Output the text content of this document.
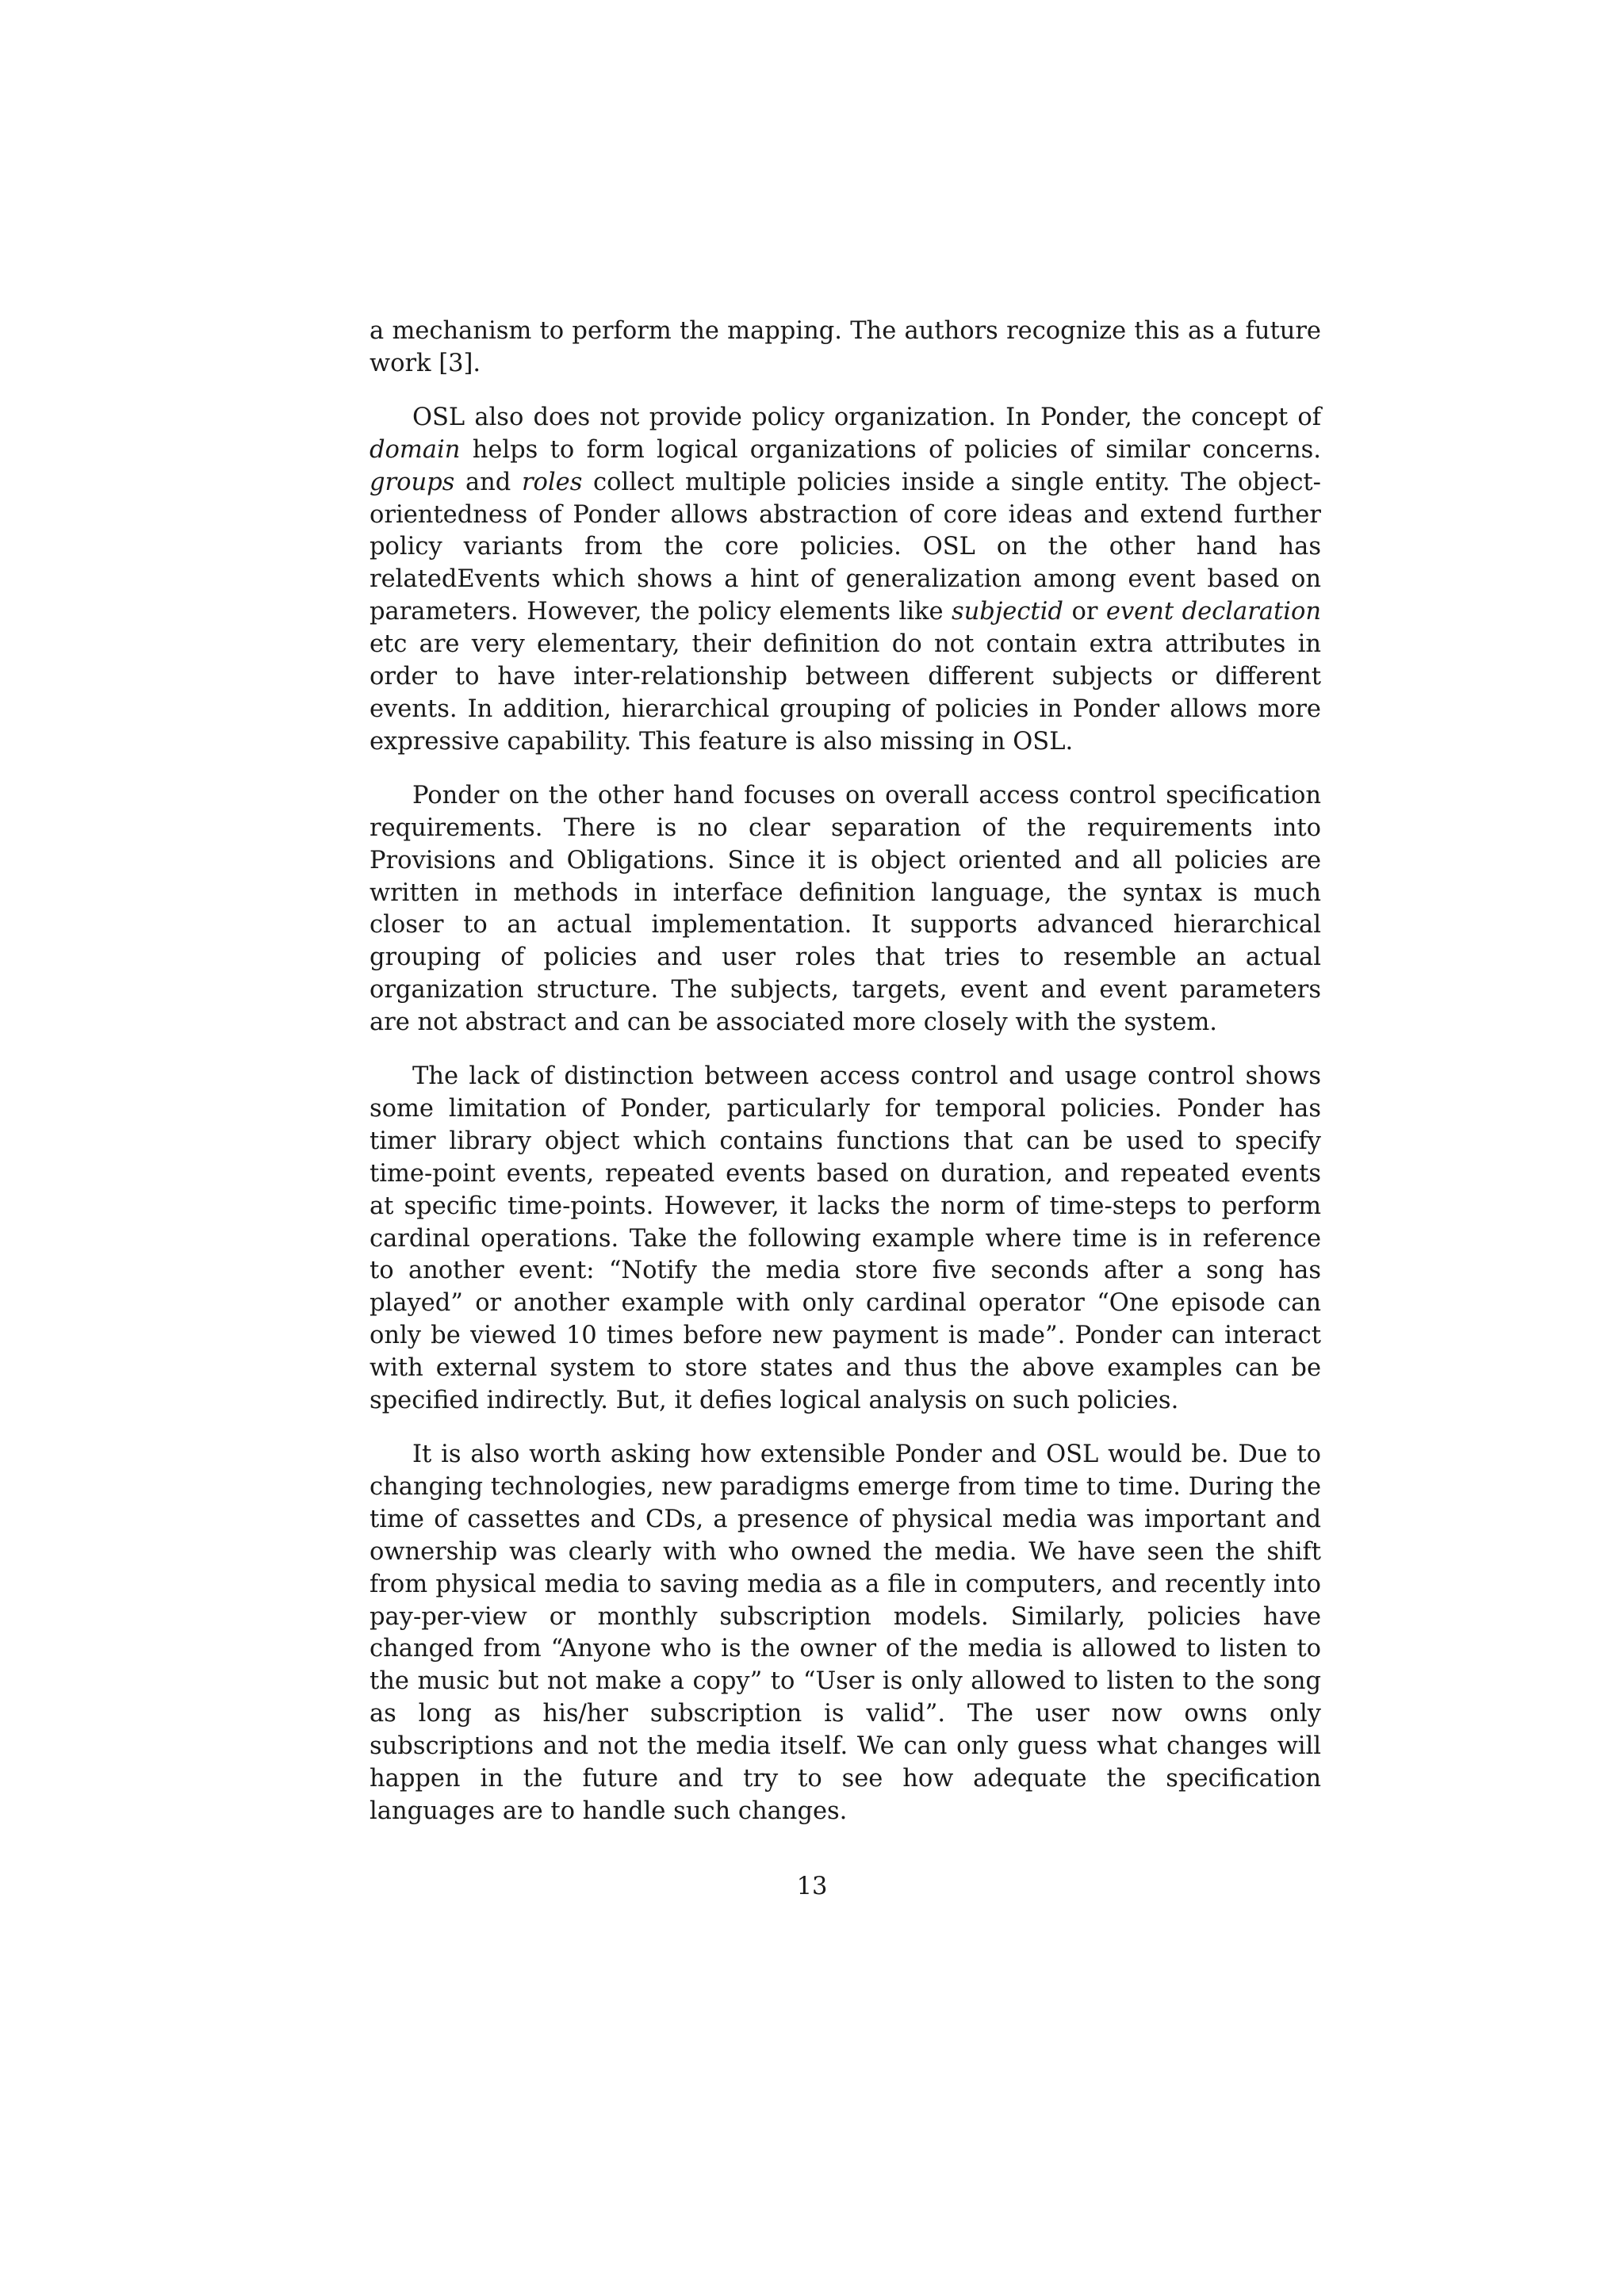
a mechanism to perform the mapping. The authors recognize this as a future work [3].

OSL also does not provide policy organization. In Ponder, the concept of domain helps to form logical organizations of policies of similar concerns. groups and roles collect multiple policies inside a single entity. The object-orientedness of Ponder allows abstraction of core ideas and extend further policy variants from the core policies. OSL on the other hand has relatedEvents which shows a hint of generalization among event based on parameters. However, the policy elements like subjectid or event declaration etc are very elementary, their definition do not contain extra attributes in order to have inter-relationship between different subjects or different events. In addition, hierarchical grouping of policies in Ponder allows more expressive capability. This feature is also missing in OSL.

Ponder on the other hand focuses on overall access control specification requirements. There is no clear separation of the requirements into Provisions and Obligations. Since it is object oriented and all policies are written in methods in interface definition language, the syntax is much closer to an actual implementation. It supports advanced hierarchical grouping of policies and user roles that tries to resemble an actual organization structure. The subjects, targets, event and event parameters are not abstract and can be associated more closely with the system.

The lack of distinction between access control and usage control shows some limitation of Ponder, particularly for temporal policies. Ponder has timer library object which contains functions that can be used to specify time-point events, repeated events based on duration, and repeated events at specific time-points. However, it lacks the norm of time-steps to perform cardinal operations. Take the following example where time is in reference to another event: “Notify the media store five seconds after a song has played” or another example with only cardinal operator “One episode can only be viewed 10 times before new payment is made”. Ponder can interact with external system to store states and thus the above examples can be specified indirectly. But, it defies logical analysis on such policies.

It is also worth asking how extensible Ponder and OSL would be. Due to changing technologies, new paradigms emerge from time to time. During the time of cassettes and CDs, a presence of physical media was important and ownership was clearly with who owned the media. We have seen the shift from physical media to saving media as a file in computers, and recently into pay-per-view or monthly subscription models. Similarly, policies have changed from “Anyone who is the owner of the media is allowed to listen to the music but not make a copy” to “User is only allowed to listen to the song as long as his/her subscription is valid”. The user now owns only subscriptions and not the media itself. We can only guess what changes will happen in the future and try to see how adequate the specification languages are to handle such changes.

13
